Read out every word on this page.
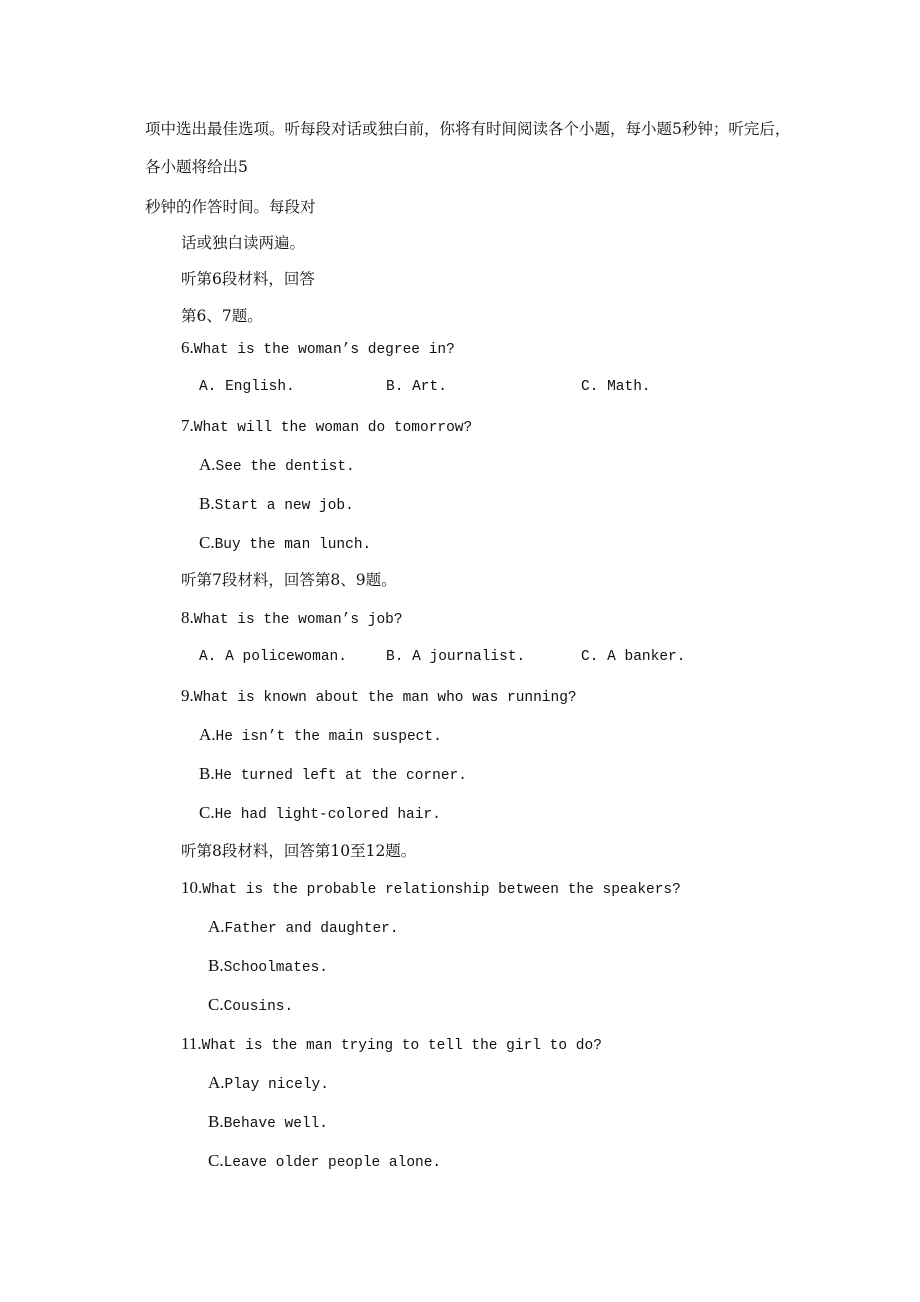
项中选出最佳选项。听每段对话或独白前，你将有时间阅读各个小题，每小题5秒钟；听完后，
各小题将给出5
秒钟的作答时间。每段对
话或独白读两遍。
听第6段材料，回答
第6、7题。
6.What is the woman’s degree in?
A. English.	B. Art.	C. Math.
7.What will the woman do tomorrow?
A.See the dentist.
B.Start a new job.
C.Buy the man lunch.
听第7段材料，回答第8、9题。
8.What is the woman’s job?
A. A policewoman.	B. A journalist.	C. A banker.
9.What is known about the man who was running?
A.He isn’t the main suspect.
B.He turned left at the corner.
C.He had light-colored hair.
听第8段材料，回答第10至12题。
10.What is the probable relationship between the speakers?
A.Father and daughter.
B.Schoolmates.
C.Cousins.
11.What is the man trying to tell the girl to do?
A.Play nicely.
B.Behave well.
C.Leave older people alone.
